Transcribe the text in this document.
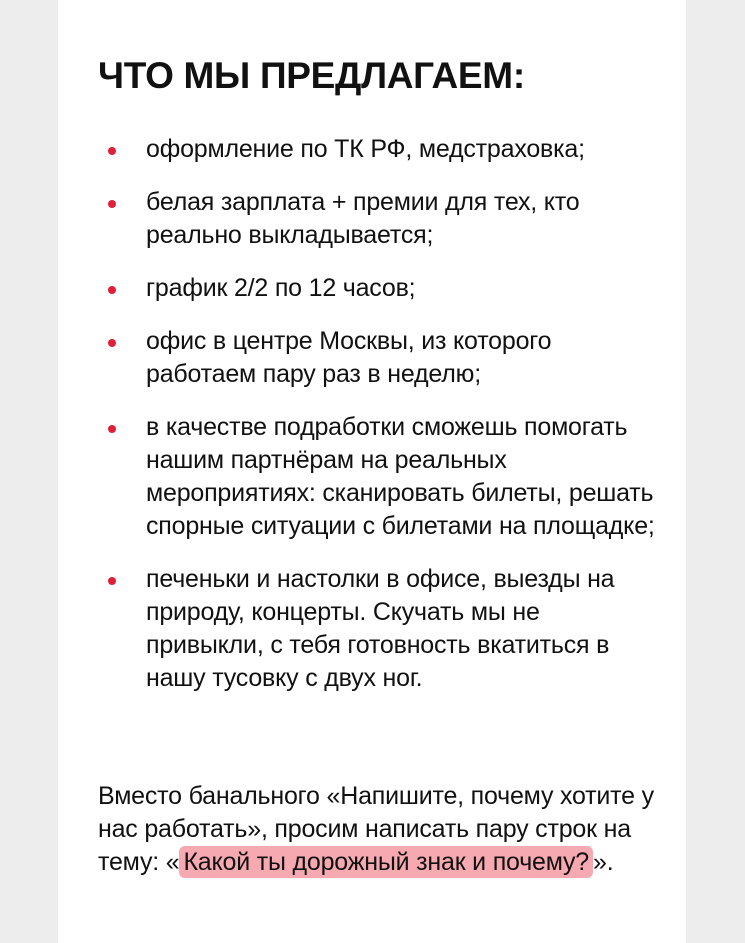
ЧТО МЫ ПРЕДЛАГАЕМ:
оформление по ТК РФ, медстраховка;
белая зарплата + премии для тех, кто реально выкладывается;
график 2/2 по 12 часов;
офис в центре Москвы, из которого работаем пару раз в неделю;
в качестве подработки сможешь помогать нашим партнёрам на реальных мероприятиях: сканировать билеты, решать спорные ситуации с билетами на площадке;
печеньки и настолки в офисе, выезды на природу, концерты. Скучать мы не привыкли, с тебя готовность вкатиться в нашу тусовку с двух ног.

Вместо банального «Напишите, почему хотите у нас работать», просим написать пару строк на тему: « Какой ты дорожный знак и почему? ».
